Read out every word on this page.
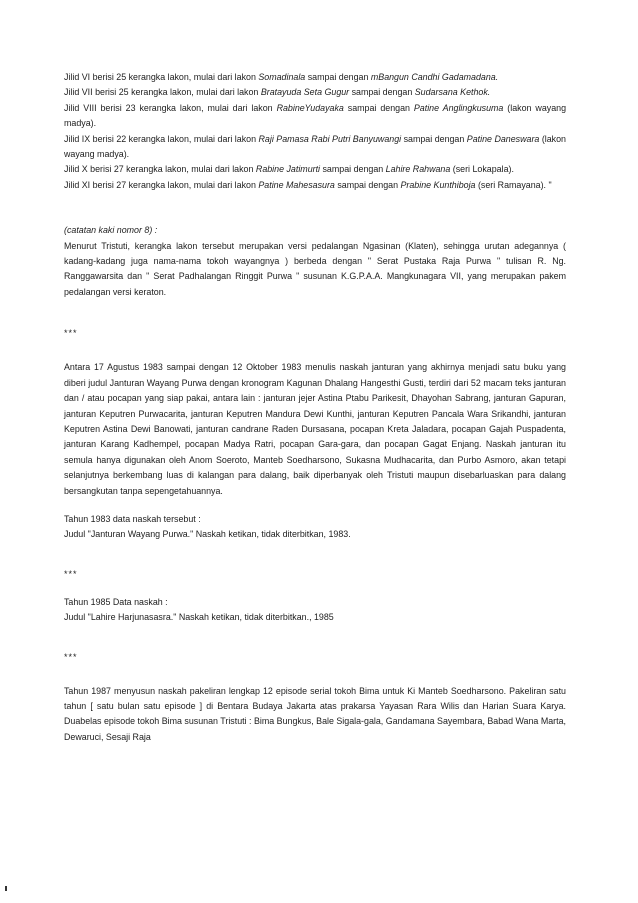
Jilid VI berisi 25 kerangka lakon, mulai dari lakon Somadinala sampai dengan mBangun Candhi Gadamadana.

Jilid VII berisi 25 kerangka lakon, mulai dari lakon Bratayuda Seta Gugur sampai dengan Sudarsana Kethok.

Jilid VIII berisi 23 kerangka lakon, mulai dari lakon RabineYudayaka sampai dengan Patine Anglingkusuma (lakon wayang madya).

Jilid IX berisi 22 kerangka lakon, mulai dari lakon Raji Pamasa Rabi Putri Banyuwangi sampai dengan Patine Daneswara (lakon wayang madya).

Jilid X berisi 27 kerangka lakon, mulai dari lakon Rabine Jatimurti sampai dengan Lahire Rahwana (seri Lokapala).

Jilid XI berisi 27 kerangka lakon, mulai dari lakon Patine Mahesasura sampai dengan Prabine Kunthiboja (seri Ramayana). "

(catatan kaki nomor 8) :

Menurut Tristuti, kerangka lakon tersebut merupakan versi pedalangan Ngasinan (Klaten), sehingga urutan adegannya ( kadang-kadang juga nama-nama tokoh wayangnya ) berbeda dengan " Serat Pustaka Raja Purwa " tulisan R. Ng. Ranggawarsita dan " Serat Padhalangan Ringgit Purwa " susunan K.G.P.A.A. Mangkunagara VII, yang merupakan pakem pedalangan versi keraton.

***

Antara 17 Agustus 1983 sampai dengan 12 Oktober 1983 menulis naskah janturan yang akhirnya menjadi satu buku yang diberi judul Janturan Wayang Purwa dengan kronogram Kagunan Dhalang Hangesthi Gusti, terdiri dari 52 macam teks janturan dan / atau pocapan yang siap pakai, antara lain : janturan jejer Astina Ptabu Parikesit, Dhayohan Sabrang, janturan Gapuran, janturan Keputren Purwacarita, janturan Keputren Mandura Dewi Kunthi, janturan Keputren Pancala Wara Srikandhi, janturan Keputren Astina Dewi Banowati, janturan candrane Raden Dursasana, pocapan Kreta Jaladara, pocapan Gajah Puspadenta, janturan Karang Kadhempel, pocapan Madya Ratri, pocapan Gara-gara, dan pocapan Gagat Enjang. Naskah janturan itu semula hanya digunakan oleh Anom Soeroto, Manteb Soedharsono, Sukasna Mudhacarita, dan Purbo Asmoro, akan tetapi selanjutnya berkembang luas di kalangan para dalang, baik diperbanyak oleh Tristuti maupun disebarluaskan para dalang bersangkutan tanpa sepengetahuannya.

Tahun 1983 data naskah tersebut :

Judul "Janturan Wayang Purwa." Naskah ketikan, tidak diterbitkan, 1983.

***

Tahun 1985 Data naskah :

Judul "Lahire Harjunasasra." Naskah ketikan, tidak diterbitkan., 1985

***

Tahun 1987 menyusun naskah pakeliran lengkap 12 episode serial tokoh Bima untuk Ki Manteb Soedharsono. Pakeliran satu tahun [ satu bulan satu episode ] di Bentara Budaya Jakarta atas prakarsa Yayasan Rara Wilis dan Harian Suara Karya. Duabelas episode tokoh Bima susunan Tristuti : Bima Bungkus, Bale Sigala-gala, Gandamana Sayembara, Babad Wana Marta, Dewaruci, Sesaji Raja
